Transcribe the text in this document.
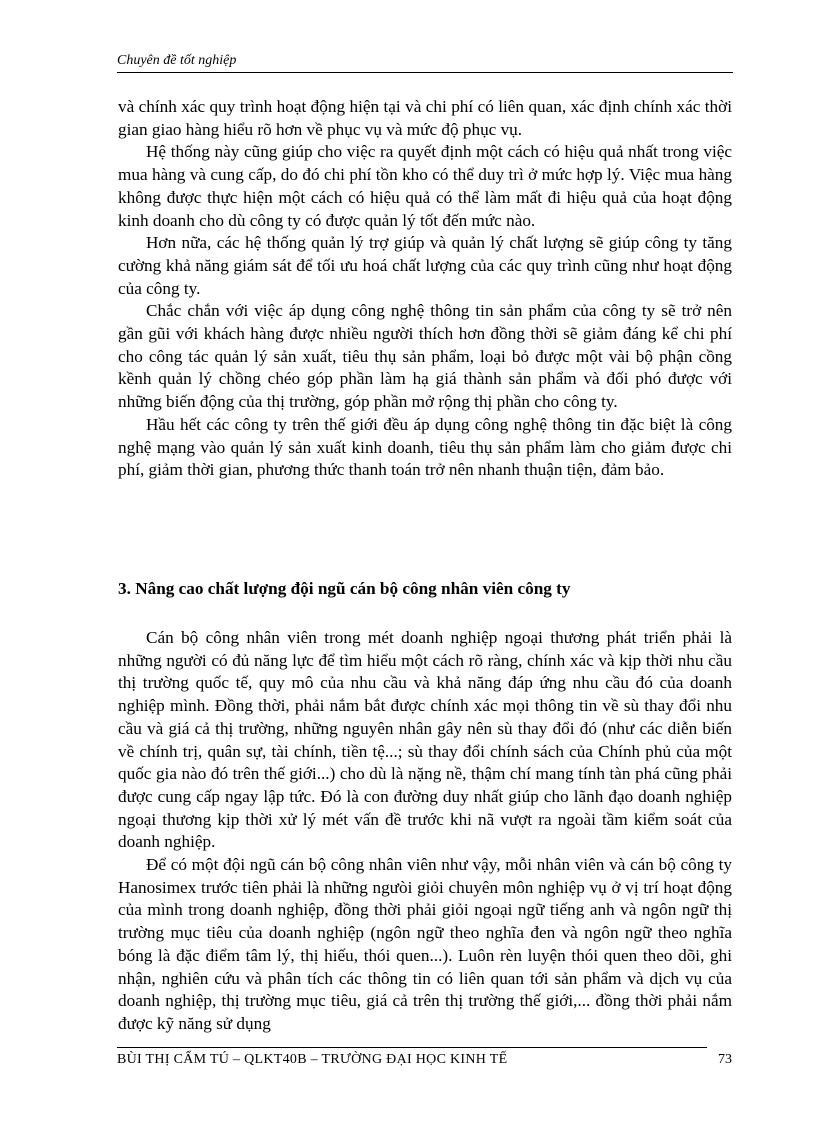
Chuyên đề tốt nghiệp

và chính xác quy trình hoạt động hiện tại và chi phí có liên quan, xác định chính xác thời gian giao hàng hiểu rõ hơn về phục vụ và mức độ phục vụ.

Hệ thống này cũng giúp cho việc ra quyết định một cách có hiệu quả nhất trong việc mua hàng và cung cấp, do đó chi phí tồn kho có thể duy trì ở mức hợp lý. Việc mua hàng không được thực hiện một cách có hiệu quả có thể làm mất đi hiệu quả của hoạt động kinh doanh cho dù công ty có được quản lý tốt đến mức nào.

Hơn nữa, các hệ thống quản lý trợ giúp và quản lý chất lượng sẽ giúp công ty tăng cường khả năng giám sát để tối ưu hoá chất lượng của các quy trình cũng như hoạt động của công ty.

Chắc chắn với việc áp dụng công nghệ thông tin sản phẩm của công ty sẽ trở nên gần gũi với khách hàng được nhiều người thích hơn đồng thời sẽ giảm đáng kể chi phí cho công tác quản lý sản xuất, tiêu thụ sản phẩm, loại bỏ được một vài bộ phận cồng kềnh quản lý chồng chéo góp phần làm hạ giá thành sản phẩm và đối phó được với những biến động của thị trường, góp phần mở rộng thị phần cho công ty.

Hầu hết các công ty trên thế giới đều áp dụng công nghệ thông tin đặc biệt là công nghệ mạng vào quản lý sản xuất kinh doanh, tiêu thụ sản phẩm làm cho giảm được chi phí, giảm thời gian, phương thức thanh toán trở nên nhanh thuận tiện, đảm bảo.

3. Nâng cao chất lượng đội ngũ cán bộ công nhân viên công ty

Cán bộ công nhân viên trong mét doanh nghiệp ngoại thương phát triển phải là những người có đủ năng lực để tìm hiểu một cách rõ ràng, chính xác và kịp thời nhu cầu thị trường quốc tế, quy mô của nhu cầu và khả năng đáp ứng nhu cầu đó của doanh nghiệp mình. Đồng thời, phải nắm bắt được chính xác mọi thông tin về sù thay đổi nhu cầu và giá cả thị trường, những nguyên nhân gây nên sù thay đổi đó (như các diễn biến về chính trị, quân sự, tài chính, tiền tệ...; sù thay đổi chính sách của Chính phủ của một quốc gia nào đó trên thế giới...) cho dù là nặng nề, thậm chí mang tính tàn phá cũng phải được cung cấp ngay lập tức. Đó là con đường duy nhất giúp cho lãnh đạo doanh nghiệp ngoại thương kịp thời xử lý mét vấn đề trước khi nã vượt ra ngoài tầm kiểm soát của doanh nghiệp.

Để có một đội ngũ cán bộ công nhân viên như vậy, mỗi nhân viên và cán bộ công ty Hanosimex trước tiên phải là những ngưòi giỏi chuyên môn nghiệp vụ ở vị trí hoạt động của mình trong doanh nghiệp, đồng thời phải giỏi ngoại ngữ tiếng anh và ngôn ngữ thị trường mục tiêu của doanh nghiệp (ngôn ngữ theo nghĩa đen và ngôn ngữ theo nghĩa bóng là đặc điểm tâm lý, thị hiếu, thói quen...). Luôn rèn luyện thói quen theo dõi, ghi nhận, nghiên cứu và phân tích các thông tin có liên quan tới sản phẩm và dịch vụ của doanh nghiệp, thị trường mục tiêu, giá cả trên thị trường thế giới,... đồng thời phải nắm được kỹ năng sử dụng

BÙI THỊ CẨM TÚ – QLKT40B – TRƯỜNG ĐẠI HỌC KINH TẾ	73
